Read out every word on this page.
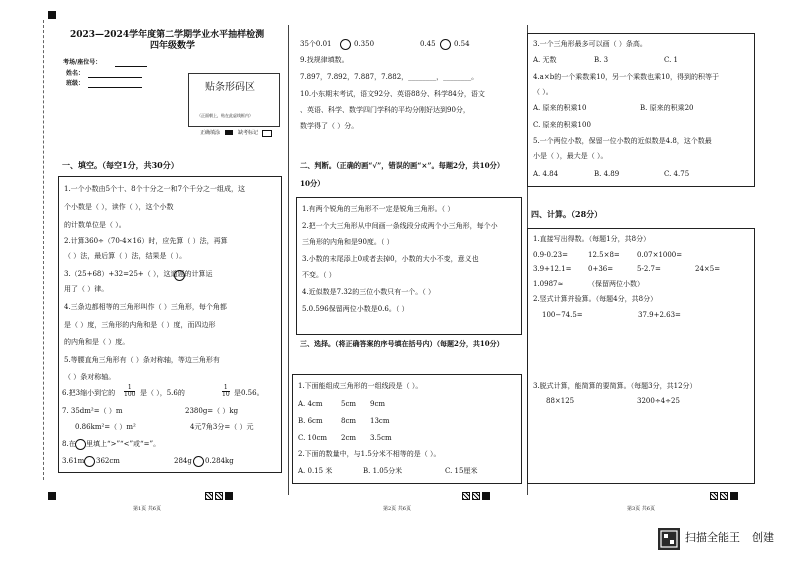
2023—2024学年度第二学期学业水平抽样检测
四年级数学
考场/座位号：
姓名：
班级：	贴条形码区
（正面朝上，贴在此虚线框内）
正确填涂	缺考标记
一、填空。（每空1分，共30分）
1.一个小数由5个十、8个十分之一和7个千分之一组成，这
个小数是（ ），读作（ ），这个小数
的计数单位是（ ）。
2.计算360÷（70-4×16）时，应先算（ ）法，再算
（ ）法，最后算（ ）法，结果是（ ）。
3.（25+68）+32=25+（ ），这道题的计算运
用了（ ）律。
4.三条边都相等的三角形叫作（ ）三角形，每个角都
是（ ）度，三角形的内角和是（ ）度，而四边形
的内角和是（ ）度。
5.等腰直角三角形有（ ）条对称轴，等边三角形有
（ ）条对称轴。
6.把3缩小到它的 $\frac{1}{100}$ 是（ ），5.6的	$\frac{1}{10}$ 是0.56。
7. 35dm²=（ ）m	2380g=（ ）kg
0.86km²=（ ）m²	4元7角3分=（ ）元
8.在 里填上“>”“<”或“=”。
3.61m 362cm	284g 0.284kg
35个0.01	0.350	0.45	0.54
9.找规律填数。
7.897，7.892，7.887，7.882，________，________。
10.小东期末考试，语文92分、英语88分、科学84分，语文
、英语、科学、数学四门学科的平均分刚好达到90分，
数学得了（ ）分。
二、判断。（正确的画“√”，错误的画“×”。每题2分，共10分）
10分）
1.有两个锐角的三角形不一定是锐角三角形。（ ）
2.把一个大三角形从中间画一条线段分成两个小三角形，每个小
三角形的内角和是90度。（ ）
3.小数的末尾添上0或者去掉0，小数的大小不变，意义也
不变。（ ）
4.近似数是7.32的三位小数只有一个。（ ）
5.0.596保留两位小数是0.6。（ ）
三、选择。（将正确答案的序号填在括号内）（每题2分，共10分）
1.下面能组成三角形的一组线段是（ ）。
A. 4cm	5cm 9cm
B. 6cm	8cm 13cm
C. 10cm 2cm 3.5cm
2.下面的数量中，与1.5分米不相等的是（ ）。
A. 0.15 米	B. 1.05分米	C. 15厘米
3.一个三角形最多可以画（ ）条高。
A. 无数	B. 3	C. 1
4.a×b的一个乘数乘10，另一个乘数也乘10，得到的积等于
（ ）。
A. 原来的积乘10	B. 原来的积乘20
C. 原来的积乘100
5.一个两位小数，保留一位小数的近似数是4.8，这个数最
小是（ ），最大是（ ）。
A. 4.84	B. 4.89	C. 4.75
四、计算。（28分）
1.直接写出得数。（每题1分，共8分）
0.9-0.23=	12.5×8= 0.07×1000=
3.9+12.1= 0+36=	5-2.7=	24×5=
1.0987≈	（保留两位小数）
2.竖式计算并验算。（每题4分，共8分）
100−74.5=	37.9+2.63=
3.脱式计算，能简算的要简算。（每题3分，共12分）
88×125	3200÷4÷25
第1页 共6页	第2页 共6页	第3页 共6页
扫描全能王 创建
